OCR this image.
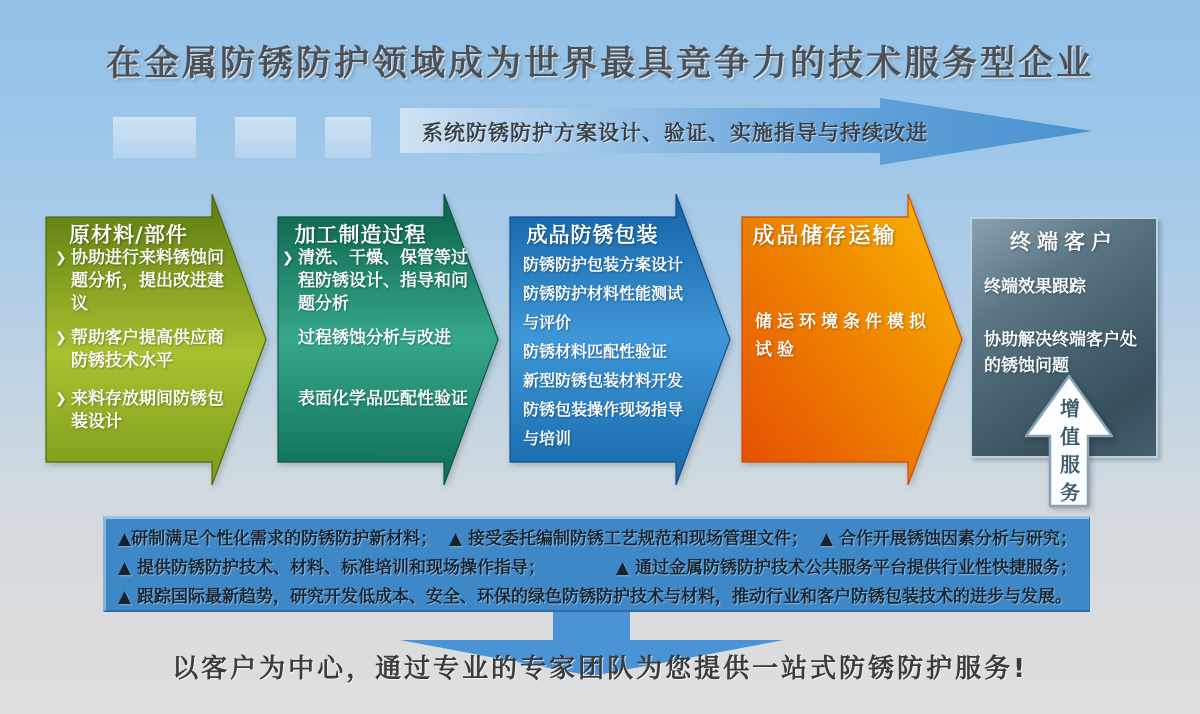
在金属防锈防护领域成为世界最具竞争力的技术服务型企业
系统防锈防护方案设计、验证、实施指导与持续改进
原材料/部件
❯ 协助进行来料锈蚀问题分析，提出改进建议
❯ 帮助客户提高供应商防锈技术水平
❯ 来料存放期间防锈包装设计
加工制造过程
❯ 清洗、干燥、保管等过程防锈设计、指导和问题分析
过程锈蚀分析与改进
表面化学品匹配性验证
成品防锈包装
防锈防护包装方案设计
防锈防护材料性能测试与评价
防锈材料匹配性验证
新型防锈包装材料开发
防锈包装操作现场指导与培训
成品储存运输
储运环境条件模拟试验
终端客户
终端效果跟踪
协助解决终端客户处的锈蚀问题
增值服务
▲研制满足个性化需求的防锈防护新材料； ▲ 接受委托编制防锈工艺规范和现场管理文件； ▲ 合作开展锈蚀因素分析与研究；
▲ 提供防锈防护技术、材料、标准培训和现场操作指导；	▲ 通过金属防锈防护技术公共服务平台提供行业性快捷服务；
▲ 跟踪国际最新趋势，研究开发低成本、安全、环保的绿色防锈防护技术与材料，推动行业和客户防锈包装技术的进步与发展。
以客户为中心，通过专业的专家团队为您提供一站式防锈防护服务!
